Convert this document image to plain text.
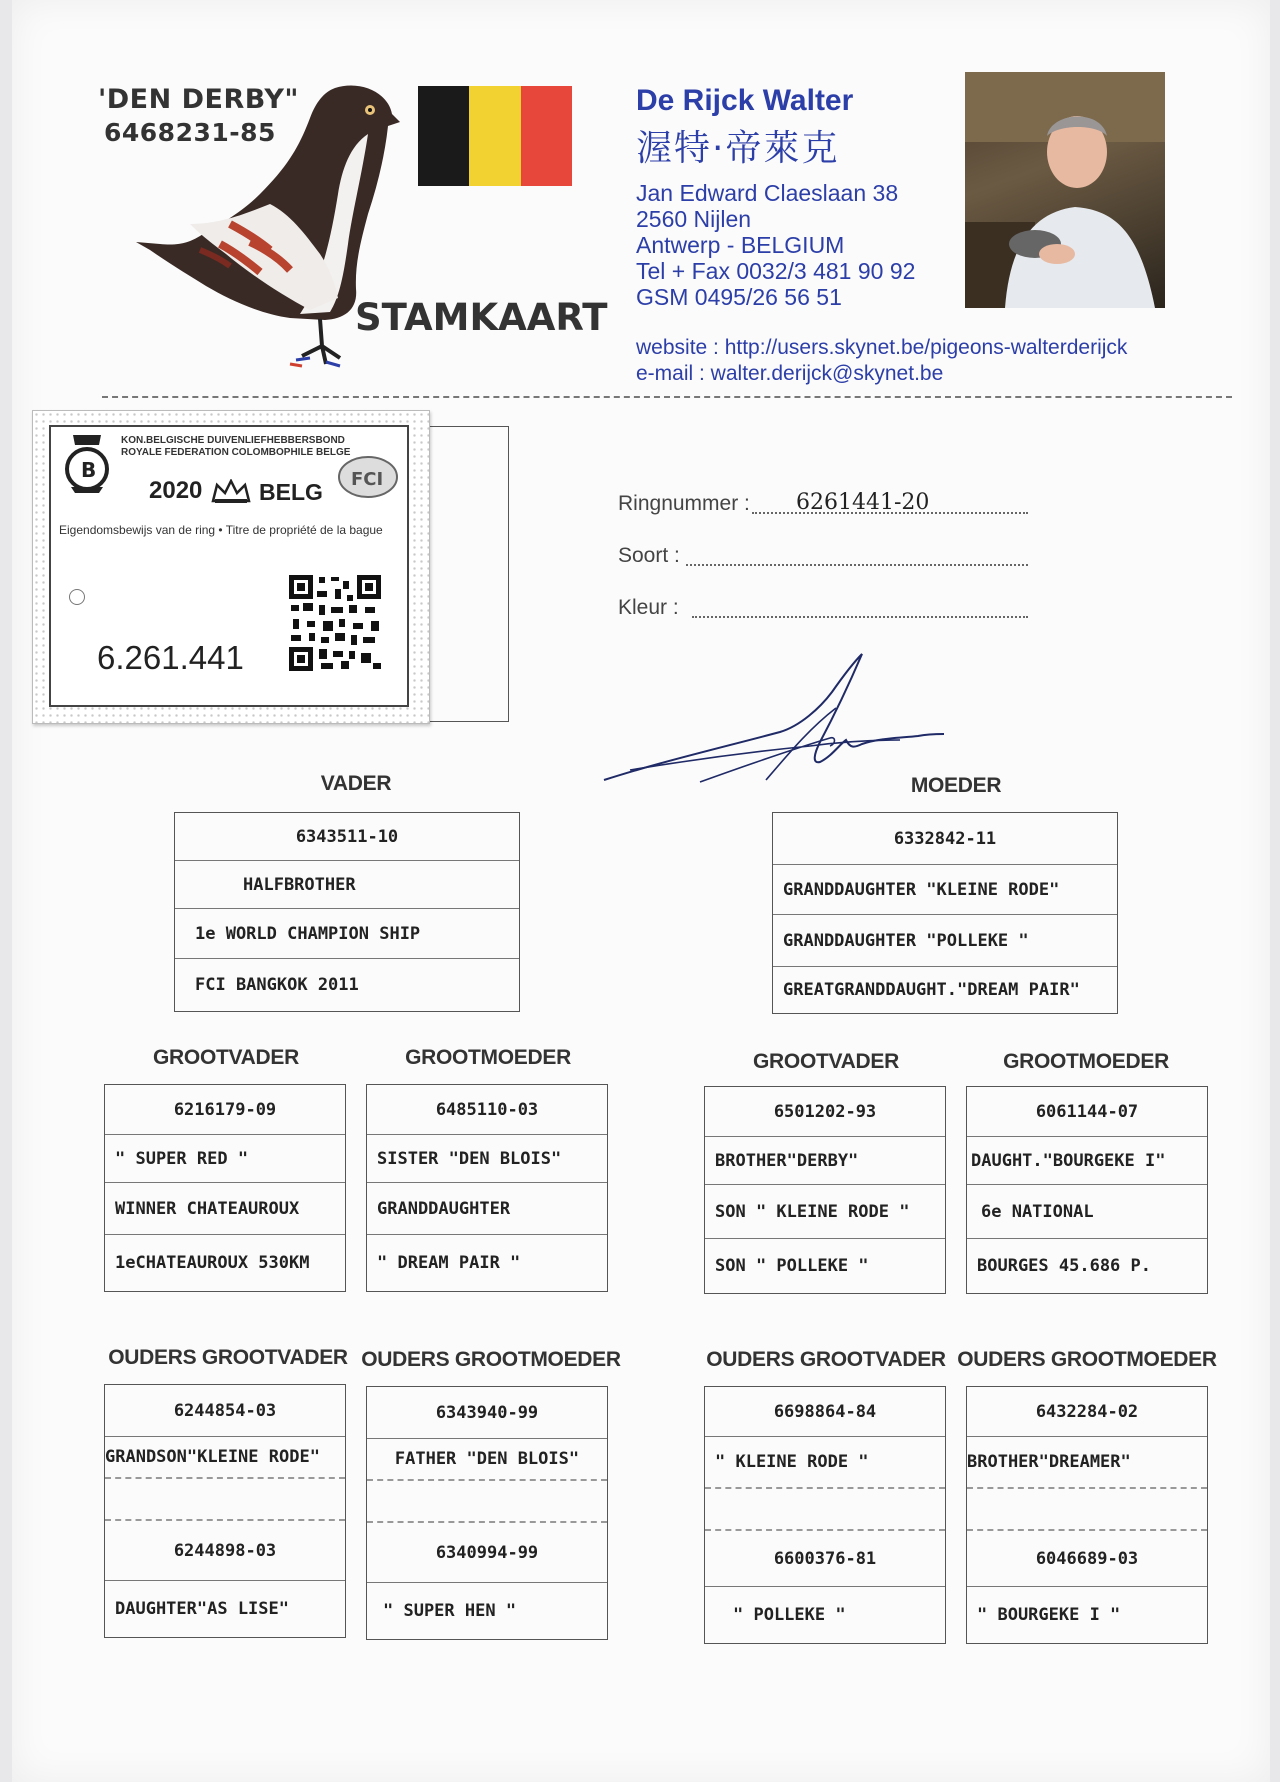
'DEN DERBY"
6468231-85
STAMKAART
De Rijck Walter
渥特·帝萊克
Jan Edward Claeslaan 38
2560 Nijlen
Antwerp - BELGIUM
Tel + Fax 0032/3 481 90 92
GSM 0495/26 56 51
website : http://users.skynet.be/pigeons-walterderijck
e-mail : walter.derijck@skynet.be
B
KON.BELGISCHE DUIVENLIEFHEBBERSBOND
ROYALE FEDERATION COLOMBOPHILE BELGE
2020 BELG FCI
Eigendomsbewijs van de ring • Titre de propriété de la bague
6.261.441
Ringnummer : 6261441-20
Soort :
Kleur :
VADER	MOEDER
6343511-10
HALFBROTHER
1e WORLD CHAMPION SHIP
FCI BANGKOK 2011
6332842-11
GRANDDAUGHTER "KLEINE RODE"
GRANDDAUGHTER "POLLEKE "
GREATGRANDDAUGHT."DREAM PAIR"
GROOTVADER	GROOTMOEDER	GROOTVADER	GROOTMOEDER
6216179-09
" SUPER RED "
WINNER CHATEAUROUX
1eCHATEAUROUX 530KM
6485110-03
SISTER "DEN BLOIS"
GRANDDAUGHTER
" DREAM PAIR "
6501202-93
BROTHER"DERBY"
SON " KLEINE RODE "
SON " POLLEKE "
6061144-07
DAUGHT."BOURGEKE I"
6e NATIONAL
BOURGES 45.686 P.
OUDERS GROOTVADER OUDERS GROOTMOEDER	OUDERS GROOTVADER OUDERS GROOTMOEDER
6244854-03
GRANDSON"KLEINE RODE"
6244898-03
DAUGHTER"AS LISE"
6343940-99
FATHER "DEN BLOIS"
6340994-99
" SUPER HEN "
6698864-84
" KLEINE RODE "
6600376-81
" POLLEKE "
6432284-02
BROTHER"DREAMER"
6046689-03
" BOURGEKE I "
